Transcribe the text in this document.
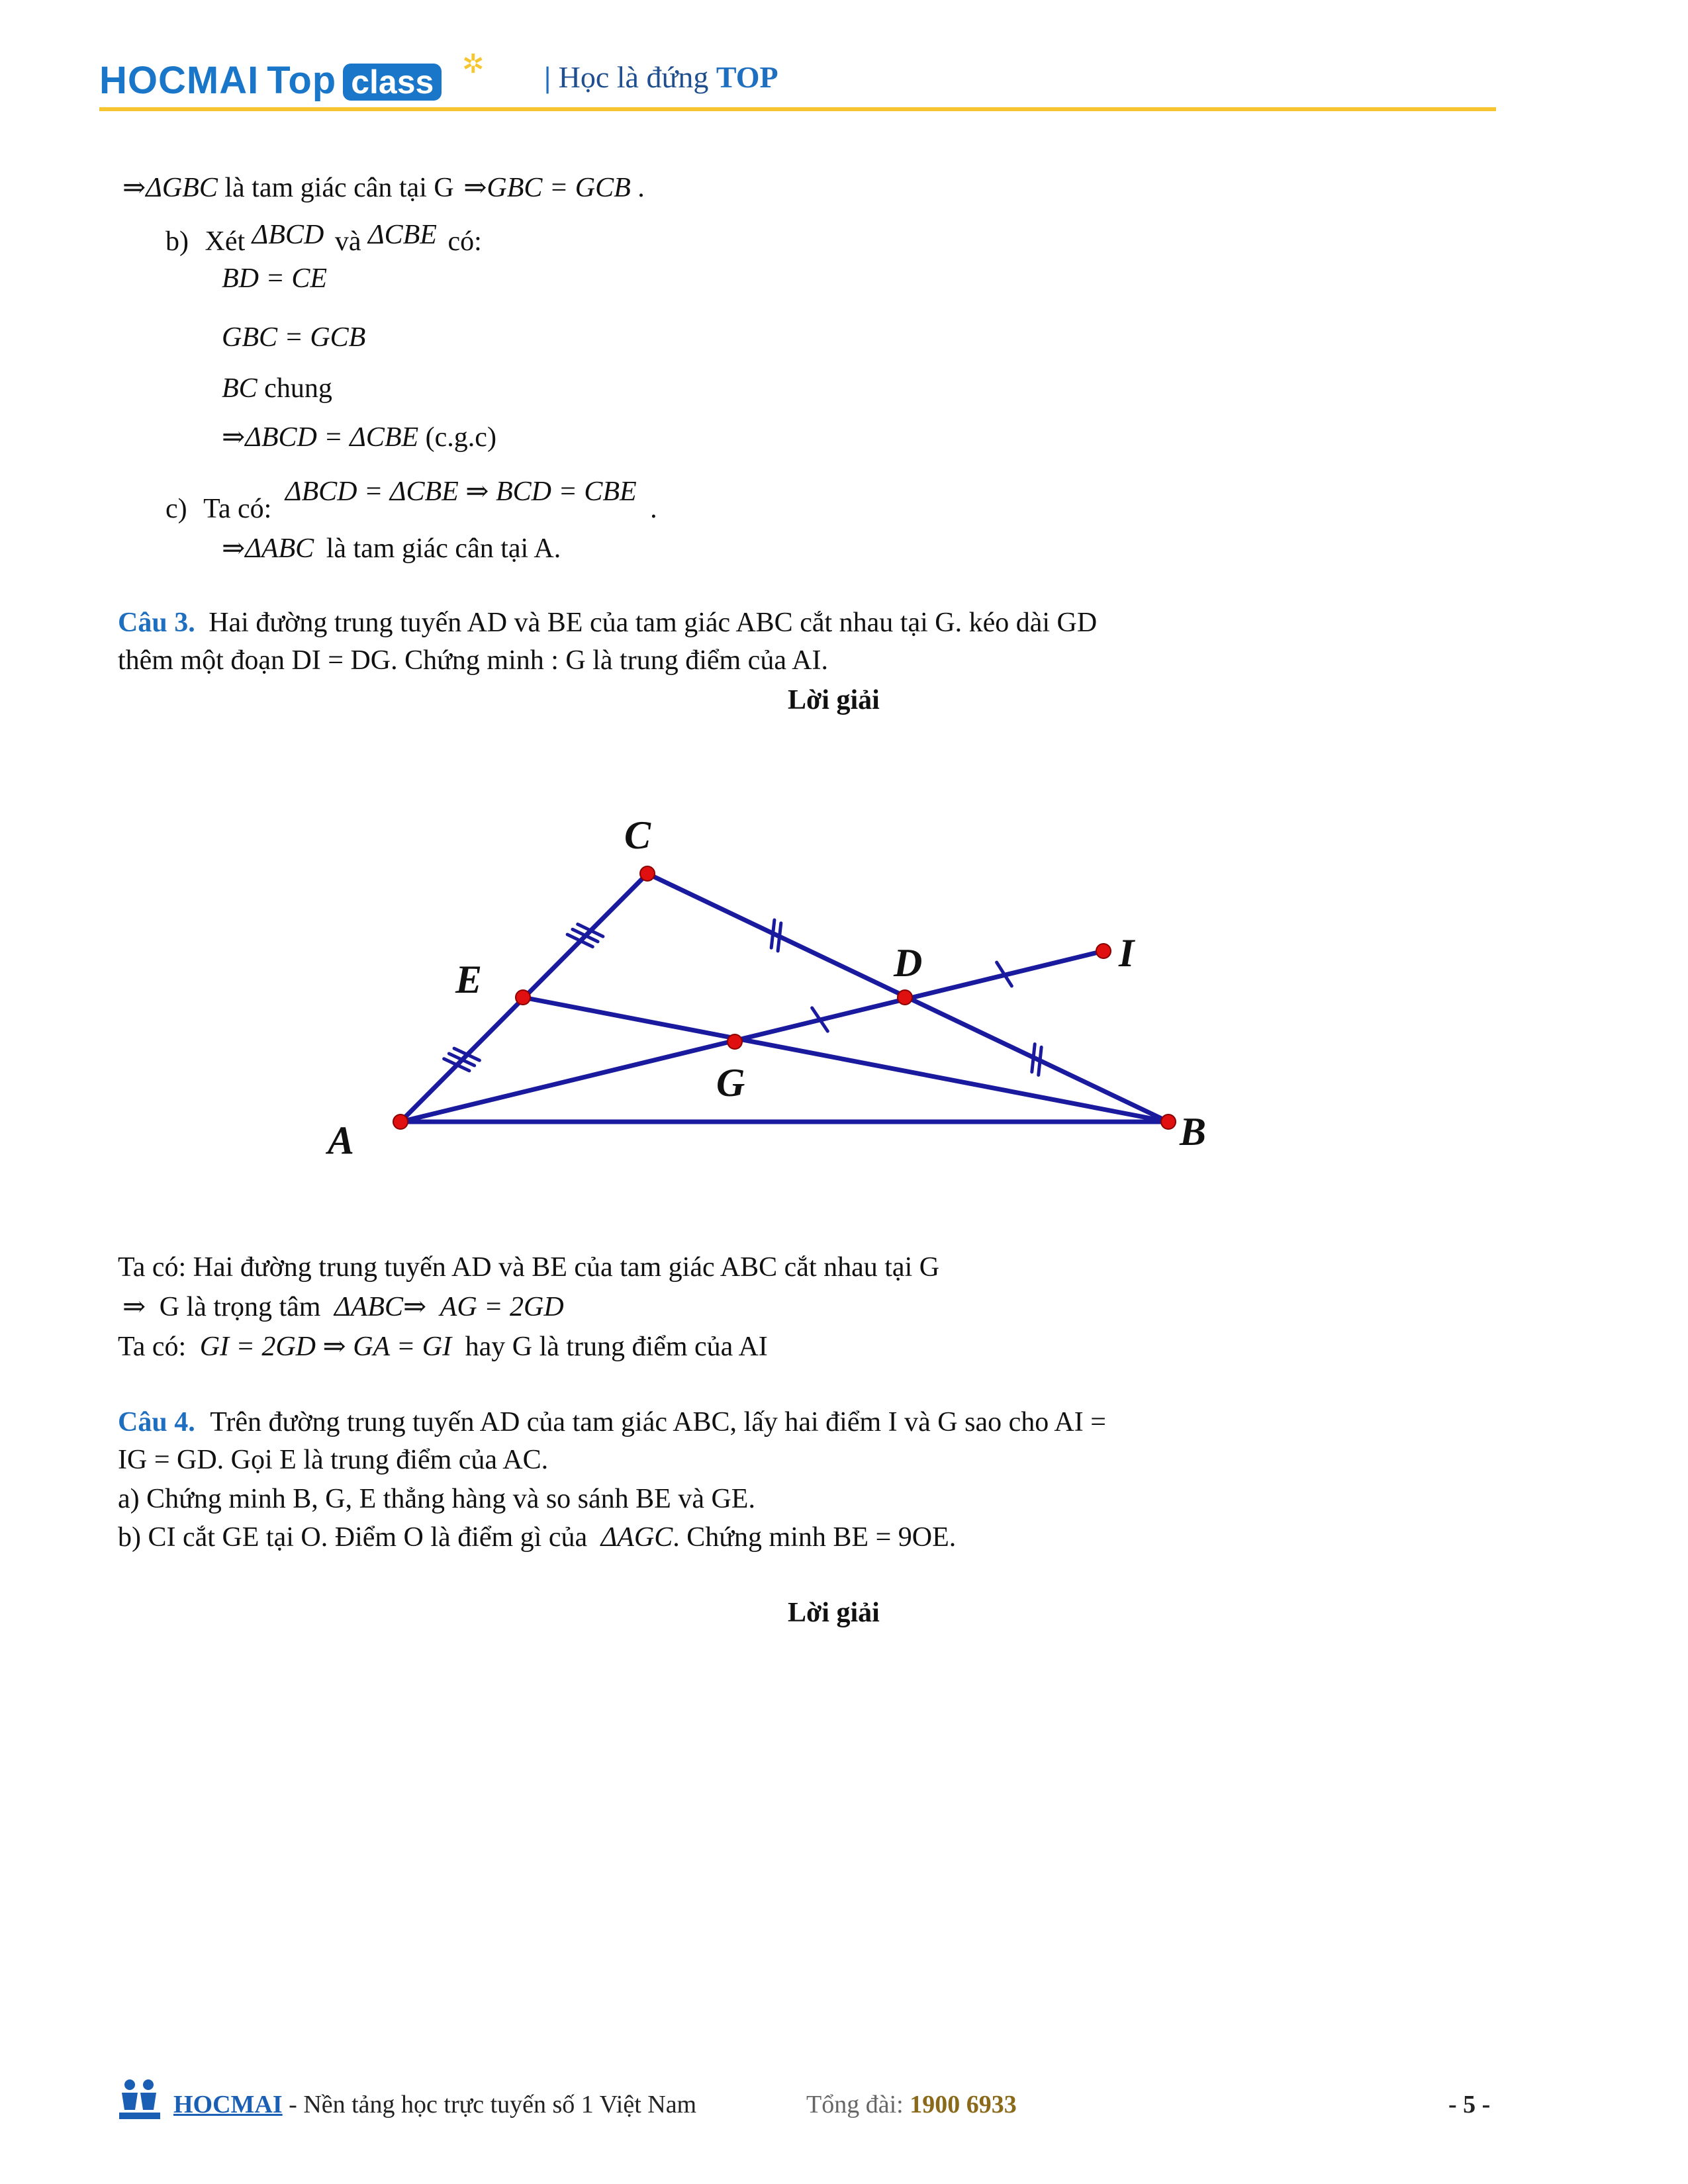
HOCMAI Top class ✲ | Học là đứng TOP
⇒ΔGBC là tam giác cân tại G ⇒GBC = GCB .
b) Xét ΔBCD và ΔCBE có:
BD = CE
GBC = GCB
BC chung
⇒ΔBCD = ΔCBE (c.g.c)
c) Ta có: ΔBCD = ΔCBE ⇒ BCD = CBE .
⇒ΔABC là tam giác cân tại A.
Câu 3. Hai đường trung tuyến AD và BE của tam giác ABC cắt nhau tại G. kéo dài GD
thêm một đoạn DI = DG. Chứng minh : G là trung điểm của AI.
Lời giải
A	B
C
D
E
G
I
Ta có: Hai đường trung tuyến AD và BE của tam giác ABC cắt nhau tại G
⇒ G là trọng tâm ΔABC⇒ AG = 2GD
Ta có: GI = 2GD ⇒ GA = GI hay G là trung điểm của AI
Câu 4. Trên đường trung tuyến AD của tam giác ABC, lấy hai điểm I và G sao cho AI =
IG = GD. Gọi E là trung điểm của AC.
a) Chứng minh B, G, E thẳng hàng và so sánh BE và GE.
b) CI cắt GE tại O. Điểm O là điểm gì của ΔAGC. Chứng minh BE = 9OE.
Lời giải
HOCMAI - Nền tảng học trực tuyến số 1 Việt Nam	Tổng đài: 1900 6933	- 5 -
